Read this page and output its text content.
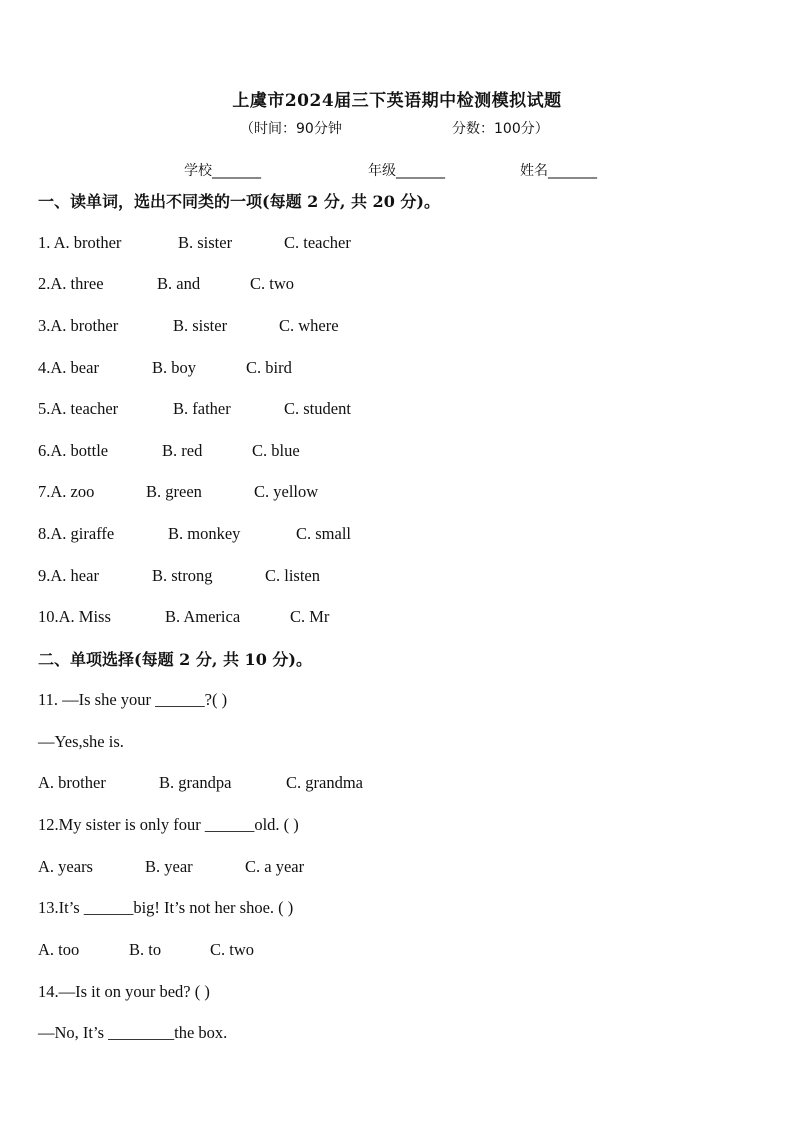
上虞市2024届三下英语期中检测模拟试题
（时间：90分钟	分数：100分）
学校_______	年级_______	姓名_______
一、读单词，选出不同类的一项(每题 2 分, 共 20 分)。
1. A. brother	B. sister	C. teacher
2.A. three	B. and	C. two
3.A. brother	B. sister	C. where
4.A. bear	B. boy	C. bird
5.A. teacher	B. father	C. student
6.A. bottle	B. red	C. blue
7.A. zoo	B. green	C. yellow
8.A. giraffe	B. monkey	C. small
9.A. hear	B. strong	C. listen
10.A. Miss	B. America	C. Mr
二、单项选择(每题 2 分, 共 10 分)。
11. —Is she your ______?( )
—Yes,she is.
A. brother	B. grandpa	C. grandma
12.My sister is only four ______old. ( )
A. years	B. year	C. a year
13.It’s ______big! It’s not her shoe. ( )
A. too	B. to	C. two
14.—Is it on your bed? ( )
—No, It’s ________the box.
